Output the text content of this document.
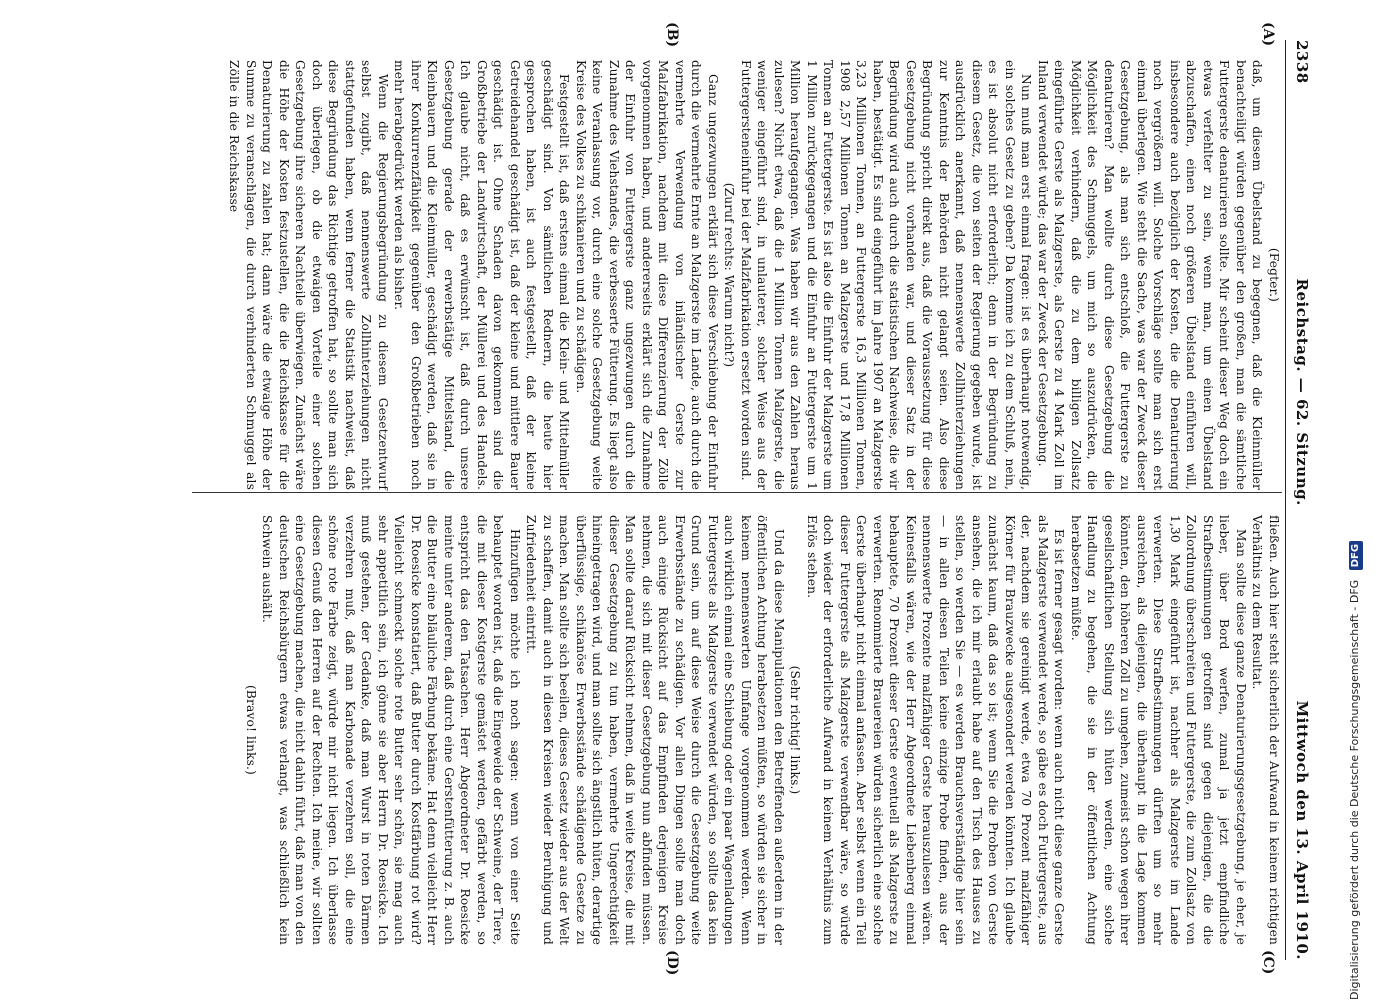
2338
Reichstag. — 62. Sitzung.
Mittwoch den 13. April 1910.
(A)
(B)
(C)
(D)

(Fegter.)

daß, um diesem Übelstand zu begegnen, daß die Kleinmüller benachteiligt würden gegenüber den großen, man die sämtliche Futtergerste denaturieren sollte. Mir scheint dieser Weg doch ein etwas verfehlter zu sein, wenn man, um einen Übelstand abzuschaffen, einen noch größeren Übelstand einführen will, insbesondere auch bezüglich der Kosten, die die Denaturierung noch vergrößern will. Solche Vorschläge sollte man sich erst einmal überlegen. Wie steht die Sache, was war der Zweck dieser Gesetzgebung, als man sich entschloß, die Futtergerste zu denaturieren? Man wollte durch diese Gesetzgebung die Möglichkeit des Schmuggels, um mich so auszudrücken, die Möglichkeit verhindern, daß die zu dem billigen Zollsatz eingeführte Gerste als Malzgerste, als Gerste zu 4 Mark Zoll im Inland verwendet würde; das war der Zweck der Gesetzgebung.

Nun muß man erst einmal fragen: ist es überhaupt notwendig, ein solches Gesetz zu geben? Da komme ich zu dem Schluß, nein, es ist absolut nicht erforderlich; denn in der Begründung zu diesem Gesetz, die von seiten der Regierung gegeben wurde, ist ausdrücklich anerkannt, daß nennenswerte Zollhinterziehungen zur Kenntnis der Behörden nicht gelangt seien. Also diese Begründung spricht direkt aus, daß die Voraussetzung für diese Gesetzgebung nicht vorhanden war, und dieser Satz in der Begründung wird auch durch die statistischen Nachweise, die wir haben, bestätigt. Es sind eingeführt im Jahre 1907 an Malzgerste 3,23 Millionen Tonnen, an Futtergerste 16,3 Millionen Tonnen, 1908 2,57 Millionen Tonnen an Malzgerste und 17,8 Millionen Tonnen an Futtergerste. Es ist also die Einfuhr der Malzgerste um 1 Million zurückgegangen und die Einfuhr an Futtergerste um 1 Million heraufgegangen. Was haben wir aus den Zahlen heraus zulesen? Nicht etwa, daß die 1 Million Tonnen Malzgerste, die weniger eingeführt sind, in unlauterer, solcher Weise aus der Futtergersteneinfuhr bei der Malzfabrikation ersetzt worden sind.

(Zuruf rechts: Warum nicht?)

Ganz ungezwungen erklärt sich diese Verschiebung der Einfuhr durch die vermehrte Ernte an Malzgerste im Lande, auch durch die vermehrte Verwendung von inländischer Gerste zur Malzfabrikation, nachdem mit diese Differenzierung der Zölle vorgenommen haben, und andererseits erklärt sich die Zunahme der Einfuhr von Futtergerste ganz ungezwungen durch die Zunahme des Viehstandes, die verbesserte Fütterung. Es liegt also keine Veranlassung vor, durch eine solche Gesetzgebung weite Kreise des Volkes zu schikanieren und zu schädigen.

Festgestellt ist, daß erstens einmal die Klein- und Mittelmüller geschädigt sind. Von sämtlichen Rednern, die heute hier gesprochen haben, ist auch festgestellt, daß der kleine Getreidehandel geschädigt ist, daß der kleine und mittlere Bauer geschädigt ist. Ohne Schaden davon gekommen sind die Großbetriebe der Landwirtschaft, der Müllerei und des Handels. Ich glaube nicht, daß es erwünscht ist, daß durch unsere Gesetzgebung gerade der erwerbstätige Mittelstand, die Kleinbauern und die Kleinmüller, geschädigt werden, daß sie in ihrer Konkurrenzfähigkeit gegenüber den Großbetrieben noch mehr herabgedrückt werden als bisher.

Wenn die Regierungsbegründung zu diesem Gesetzentwurf selbst zugibt, daß nennenswerte Zollhinterziehungen nicht stattgefunden haben, wenn ferner die Statistik nachweist, daß diese Begründung das Richtige getroffen hat, so sollte man sich doch überlegen, ob die etwaigen Vorteile einer solchen Gesetzgebung ihre sicheren Nachteile überwiegen. Zunächst wäre die Höhe der Kosten festzustellen, die die Reichskasse für die Denaturierung zu zahlen hat; dann wäre die etwaige Höhe der Summe zu veranschlagen, die durch verhinderten Schmuggel als Zölle in die Reichskasse

fließen. Auch hier steht sicherlich der Aufwand in keinem richtigen Verhältnis zu dem Resultat.

Man sollte diese ganze Denaturierungsgesetzgebung, je eher, je lieber, über Bord werfen, zumal ja jetzt empfindliche Strafbestimmungen getroffen sind gegen diejenigen, die die Zollordnung überschreiten und Futtergerste, die zum Zollsatz von 1,30 Mark eingeführt ist, nachher als Malzgerste im Lande verwerten. Diese Strafbestimmungen dürften um so mehr ausreichen, als diejenigen, die überhaupt in die Lage kommen könnten, den höheren Zoll zu umgehen, zumeist schon wegen ihrer gesellschaftlichen Stellung sich hüten werden, eine solche Handlung zu begehen, die sie in der öffentlichen Achtung herabsetzen müßte.

Es ist ferner gesagt worden: wenn auch nicht diese ganze Gerste als Malzgerste verwendet werde, so gäbe es doch Futtergerste, aus der, nachdem sie gereinigt werde, etwa 70 Prozent malzfähiger Körner für Brauzwecke ausgesondert werden könnten. Ich glaube zunächst kaum, daß das so ist; wenn Sie die Proben von Gerste ansehen, die ich mir erlaubt habe auf den Tisch des Hauses zu stellen, so werden Sie — es werden Brauchsverständige hier sein — in allen diesen Teilen keine einzige Probe finden, aus der nennenswerte Prozente malzfähiger Gerste herauszulesen wären. Keinesfalls wären, wie der Herr Abgeordnete Liebenberg einmal behauptete, 70 Prozent dieser Gerste eventuell als Malzgerste zu verwerten. Renommierte Brauereien würden sicherlich eine solche Gerste überhaupt nicht einmal anfassen. Aber selbst wenn ein Teil dieser Futtergerste als Malzgerste verwendbar wäre, so würde doch wieder der erforderliche Aufwand in keinem Verhältnis zum Erlös stehen.

(Sehr richtig! links.)

Und da diese Manipulationen den Betreffenden außerdem in der öffentlichen Achtung herabsetzen müßten, so würden sie sicher in keinem nennenswerten Umfange vorgenommen werden. Wenn auch wirklich einmal eine Schiebung oder ein paar Wagenladungen Futtergerste als Malzgerste verwendet würden, so sollte das kein Grund sein, um auf diese Weise durch die Gesetzgebung weite Erwerbsstände zu schädigen. Vor allen Dingen sollte man doch auch einige Rücksicht auf das Empfinden derjenigen Kreise nehmen, die sich mit dieser Gesetzgebung nun abfinden müssen. Man sollte darauf Rücksicht nehmen, daß in weite Kreise, die mit dieser Gesetzgebung zu tun haben, vermehrte Ungerechtigkeit hineingetragen wird, und man sollte sich ängstlich hüten, derartige überflüssige, schikanöse Erwerbsstände schädigende Gesetze zu machen. Man sollte sich beeilen, dieses Gesetz wieder aus der Welt zu schaffen, damit auch in diesen Kreisen wieder Beruhigung und Zufriedenheit eintritt.

Hinzufügen möchte ich noch sagen: wenn von einer Seite behauptet worden ist, daß die Eingeweide der Schweine, der Tiere, die mit dieser Kostgerste gemästet werden, gefärbt werden, so entspricht das den Tatsachen. Herr Abgeordneter Dr. Roesicke meinte unter anderem, daß durch eine Gerstenfütterung z. B. auch die Butter eine bläuliche Färbung bekäme. Hat denn vielleicht Herr Dr. Roesicke konstatiert, daß Butter durch Kostfärbung rot wird? Vielleicht schmeckt solche rote Butter sehr schön, sie mag auch sehr appetitlich sein, ich gönne sie aber Herrn Dr. Roesicke. Ich muß gestehen, der Gedanke, daß man Wurst in roten Därmen verzehren muß, daß man Karbonade verzehren soll, die eine schöne rote Farbe zeigt, würde mir nicht liegen. Ich überlasse diesen Genuß den Herren auf der Rechten. Ich meine, wir sollten eine Gesetzgebung machen, die nicht dahin führt, daß man von den deutschen Reichsbürgern etwas verlangt, was schließlich kein Schwein aushält.

(Bravo! links.)	Digitalisierung gefördert durch die Deutsche Forschungsgemeinschaft - DFG DFG
